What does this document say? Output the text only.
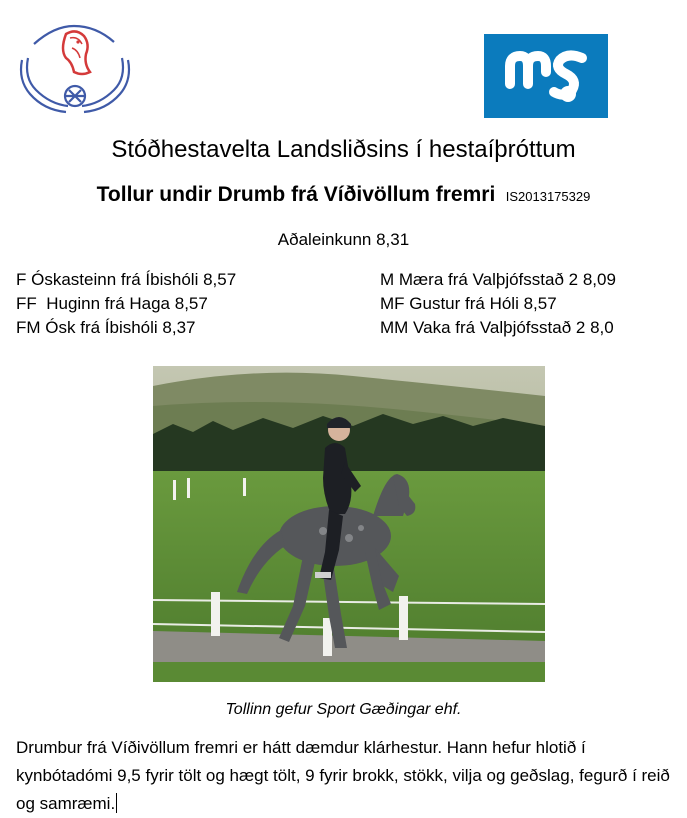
Stóðhestavelta Landsliðsins í hestaíþróttum
Tollur undir Drumb frá Víðivöllum fremri IS2013175329
Aðaleinkunn 8,31
F Óskasteinn frá Íbishóli 8,57
FF  Huginn frá Haga 8,57
FM Ósk frá Íbishóli 8,37
M Mæra frá Valþjófsstað 2 8,09
MF Gustur frá Hóli 8,57
MM Vaka frá Valþjófsstað 2 8,0
Tollinn gefur Sport Gæðingar ehf.
Drumbur frá Víðivöllum fremri er hátt dæmdur klárhestur. Hann hefur hlotið í kynbótadómi 9,5 fyrir tölt og hægt tölt, 9 fyrir brokk, stökk, vilja og geðslag, fegurð í reið og samræmi.
